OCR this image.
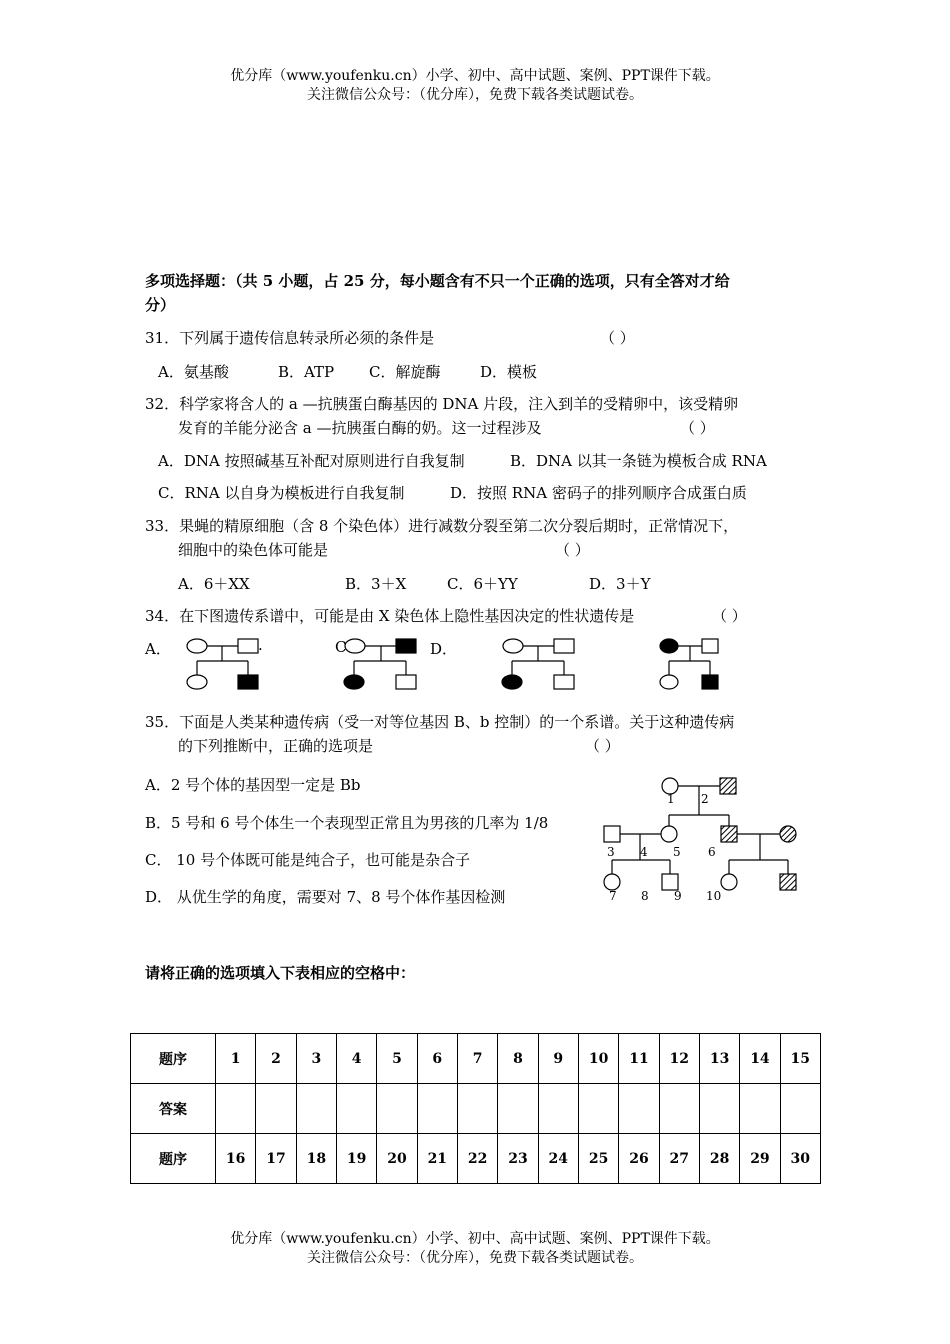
优分库（www.youfenku.cn）小学、初中、高中试题、案例、PPT课件下载。
关注微信公众号：（优分库），免费下载各类试题试卷。
多项选择题：（共 5 小题，占 25 分，每小题含有不只一个正确的选项，只有全答对才给
分）
31．下列属于遗传信息转录所必须的条件是	（ ）
A．氨基酸	B．ATP C．解旋酶	D．模板
32．科学家将含人的 a —抗胰蛋白酶基因的 DNA 片段，注入到羊的受精卵中，该受精卵
发育的羊能分泌含 a —抗胰蛋白酶的奶。这一过程涉及	（ ）
A．DNA 按照碱基互补配对原则进行自我复制	B．DNA 以其一条链为模板合成 RNA
C．RNA 以自身为模板进行自我复制	D．按照 RNA 密码子的排列顺序合成蛋白质
33．果蝇的精原细胞（含 8 个染色体）进行减数分裂至第二次分裂后期时，正常情况下，
细胞中的染色体可能是	（ ）
A．6＋XX	B．3＋X	C．6＋YY	D．3＋Y
34．在下图遗传系谱中，可能是由 X 染色体上隐性基因决定的性状遗传是	（ ）
A．	.	C	D．
35．下面是人类某种遗传病（受一对等位基因 B、b 控制）的一个系谱。关于这种遗传病
的下列推断中，正确的选项是	（ ）
A．2 号个体的基因型一定是 Bb
B．5 号和 6 号个体生一个表现型正常且为男孩的几率为 1/8
C． 10 号个体既可能是纯合子，也可能是杂合子
D． 从优生学的角度，需要对 7、8 号个体作基因检测
1 2
3 4 5 6
7 8 9 10
请将正确的选项填入下表相应的空格中：
题序	1	2	3	4	5	6	7	8	9	10	11	12	13	14	15
答案															
题序	16	17	18	19	20	21	22	23	24	25	26	27	28	29	30
优分库（www.youfenku.cn）小学、初中、高中试题、案例、PPT课件下载。
关注微信公众号：（优分库），免费下载各类试题试卷。
